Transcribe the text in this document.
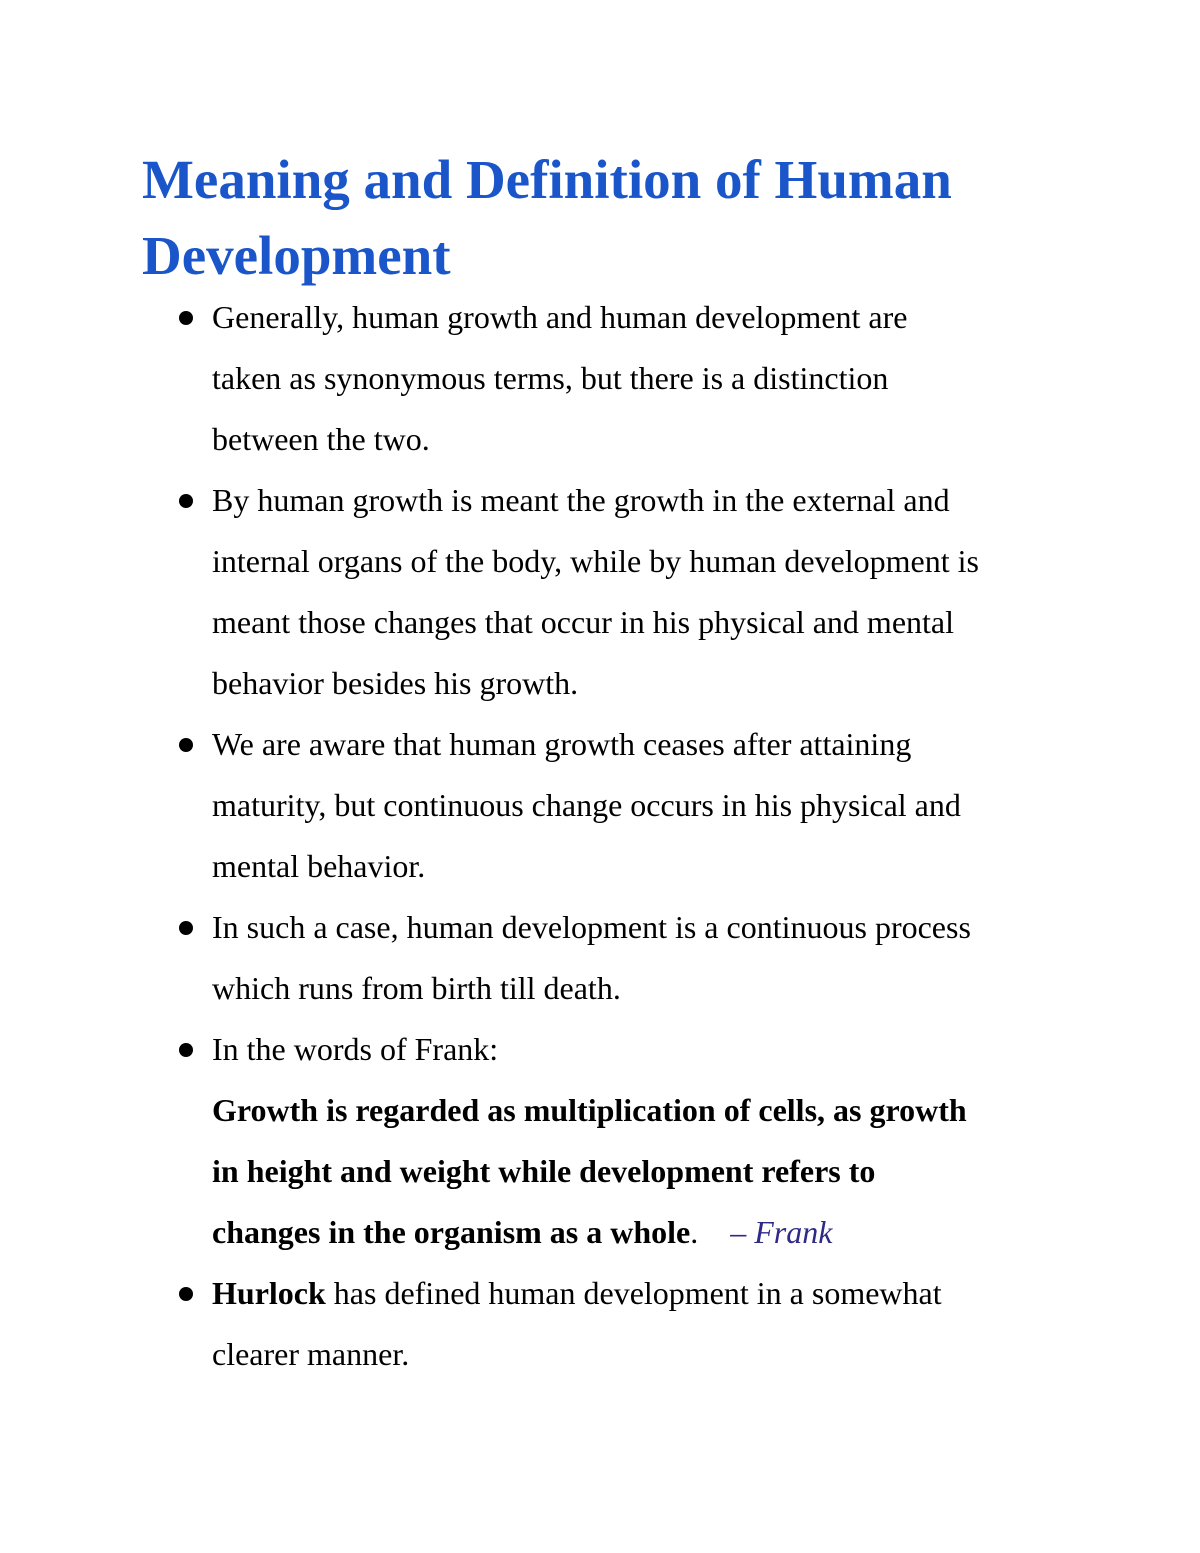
Meaning and Definition of Human
Development
Generally, human growth and human development are
taken as synonymous terms, but there is a distinction
between the two.
By human growth is meant the growth in the external and
internal organs of the body, while by human development is
meant those changes that occur in his physical and mental
behavior besides his growth.
We are aware that human growth ceases after attaining
maturity, but continuous change occurs in his physical and
mental behavior.
In such a case, human development is a continuous process
which runs from birth till death.
In the words of Frank:
Growth is regarded as multiplication of cells, as growth
in height and weight while development refers to
changes in the organism as a whole. – Frank
Hurlock has defined human development in a somewhat
clearer manner.
